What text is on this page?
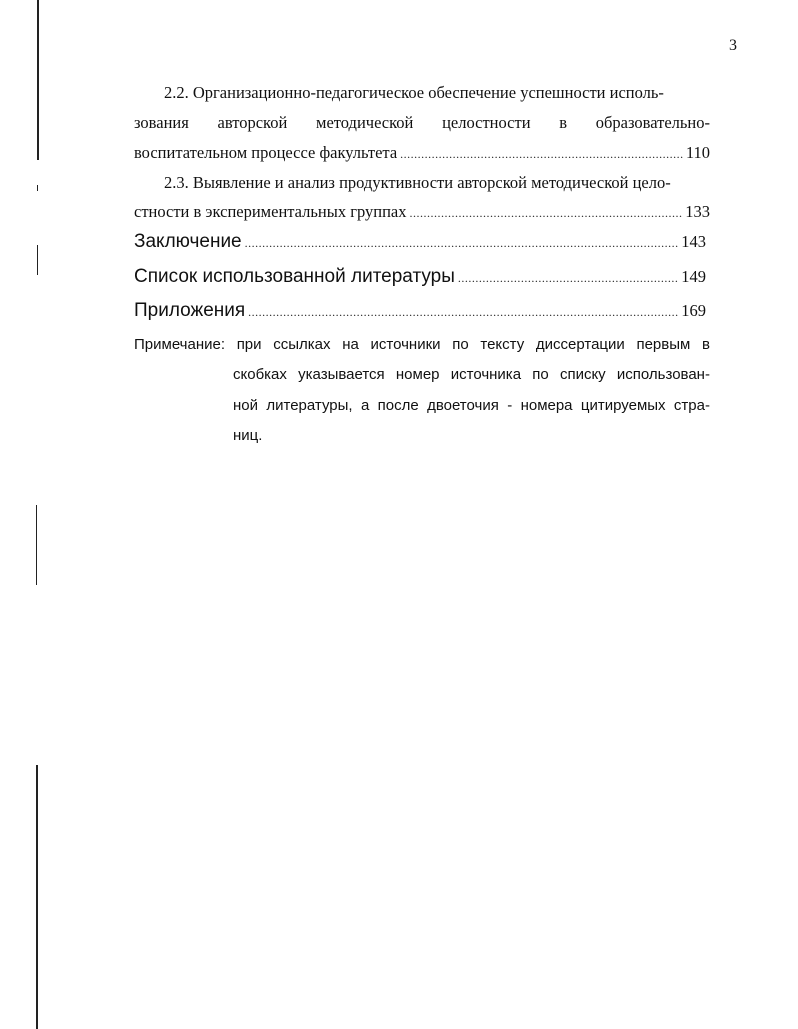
3
2.2. Организационно-педагогическое обеспечение успешности исполь-
зования авторской методической целостности в образовательно-
воспитательном процессе факультета .....	110
2.3. Выявление и анализ продуктивности авторской методической цело-
стности в экспериментальных группах .....	133
Заключение .....	143
Список использованной литературы .....	149
Приложения .....	169
Примечание: при ссылках на источники по тексту диссертации первым в
скобках указывается номер источника по списку использован-
ной литературы, а после двоеточия - номера цитируемых стра-
ниц.
